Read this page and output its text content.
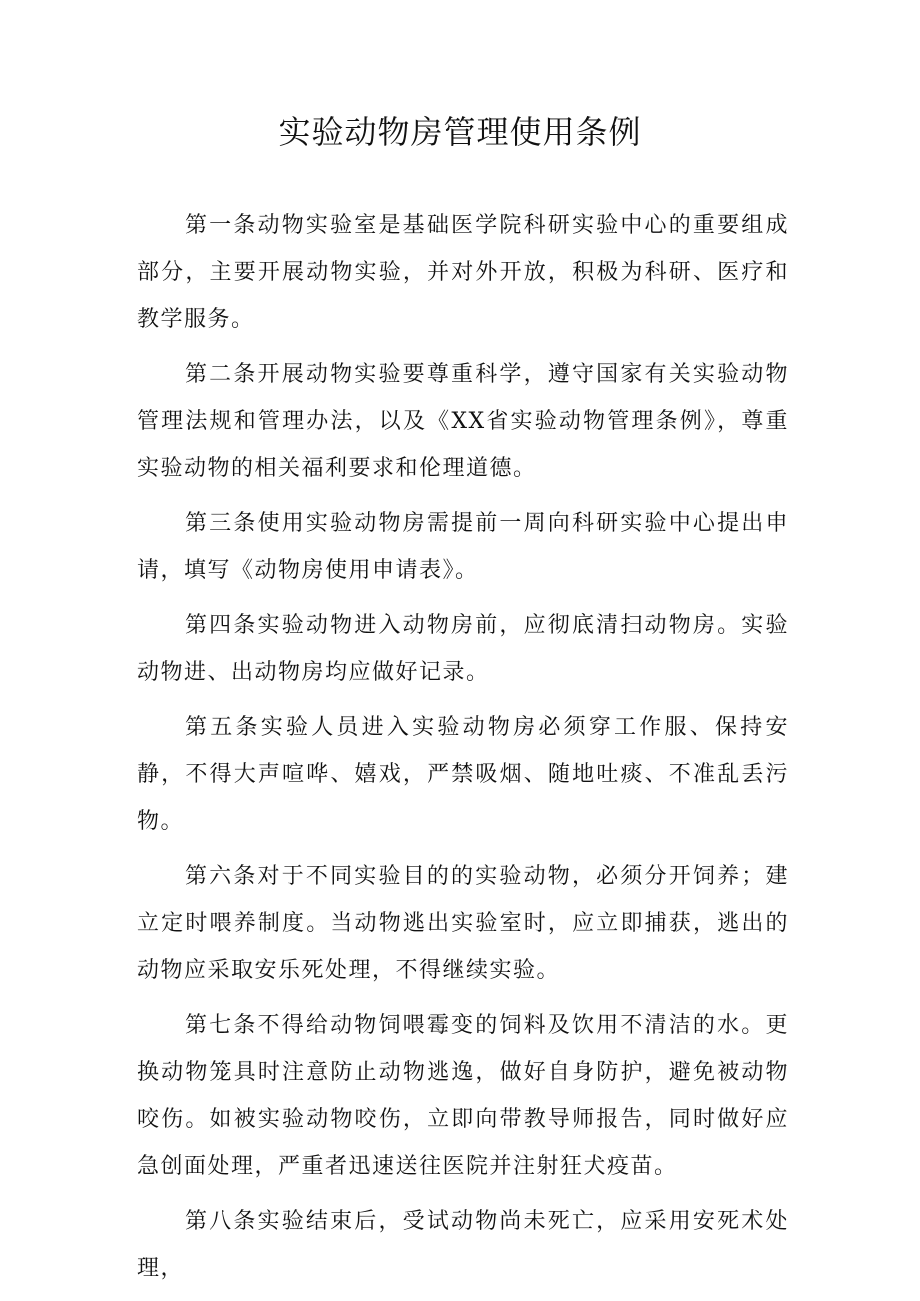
实验动物房管理使用条例

第一条动物实验室是基础医学院科研实验中心的重要组成部分，主要开展动物实验，并对外开放，积极为科研、医疗和教学服务。

第二条开展动物实验要尊重科学，遵守国家有关实验动物管理法规和管理办法，以及《XX省实验动物管理条例》，尊重实验动物的相关福利要求和伦理道德。

第三条使用实验动物房需提前一周向科研实验中心提出申请，填写《动物房使用申请表》。

第四条实验动物进入动物房前，应彻底清扫动物房。实验动物进、出动物房均应做好记录。

第五条实验人员进入实验动物房必须穿工作服、保持安静，不得大声喧哗、嬉戏，严禁吸烟、随地吐痰、不准乱丢污物。

第六条对于不同实验目的的实验动物，必须分开饲养；建立定时喂养制度。当动物逃出实验室时，应立即捕获，逃出的动物应采取安乐死处理，不得继续实验。

第七条不得给动物饲喂霉变的饲料及饮用不清洁的水。更换动物笼具时注意防止动物逃逸，做好自身防护，避免被动物咬伤。如被实验动物咬伤，立即向带教导师报告，同时做好应急创面处理，严重者迅速送往医院并注射狂犬疫苗。

第八条实验结束后，受试动物尚未死亡，应采用安死术处理，
